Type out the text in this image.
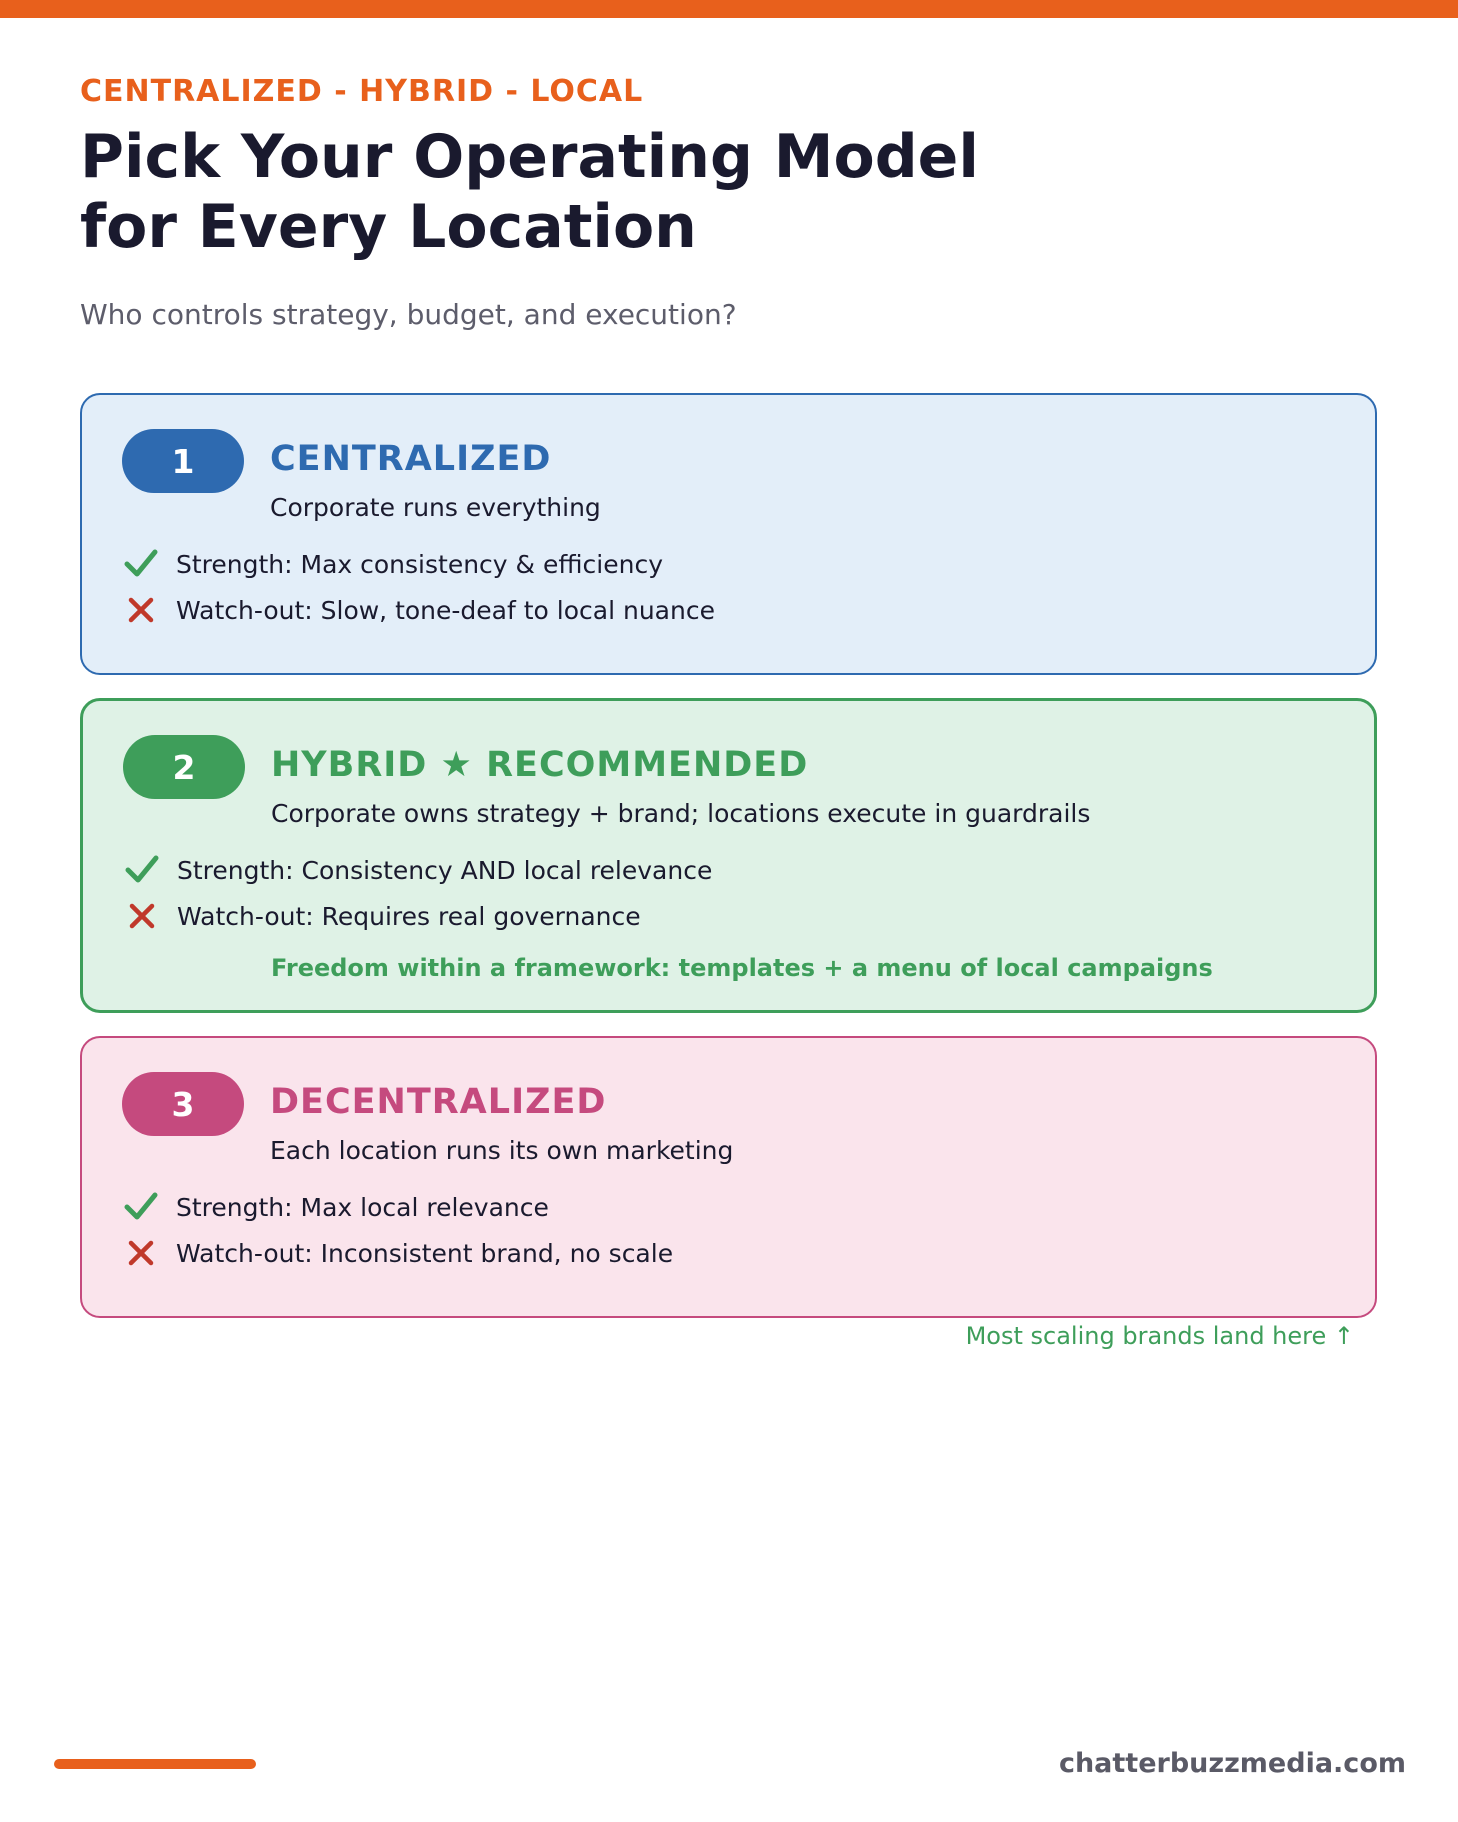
CENTRALIZED - HYBRID - LOCAL
Pick Your Operating Model
for Every Location
Who controls strategy, budget, and execution?
1	CENTRALIZED
Corporate runs everything
Strength: Max consistency & efficiency
Watch-out: Slow, tone-deaf to local nuance
2	HYBRID ★ RECOMMENDED
Corporate owns strategy + brand; locations execute in guardrails
Strength: Consistency AND local relevance
Watch-out: Requires real governance
Freedom within a framework: templates + a menu of local campaigns
3	DECENTRALIZED
Each location runs its own marketing
Strength: Max local relevance
Watch-out: Inconsistent brand, no scale
Most scaling brands land here ↑
chatterbuzzmedia.com
